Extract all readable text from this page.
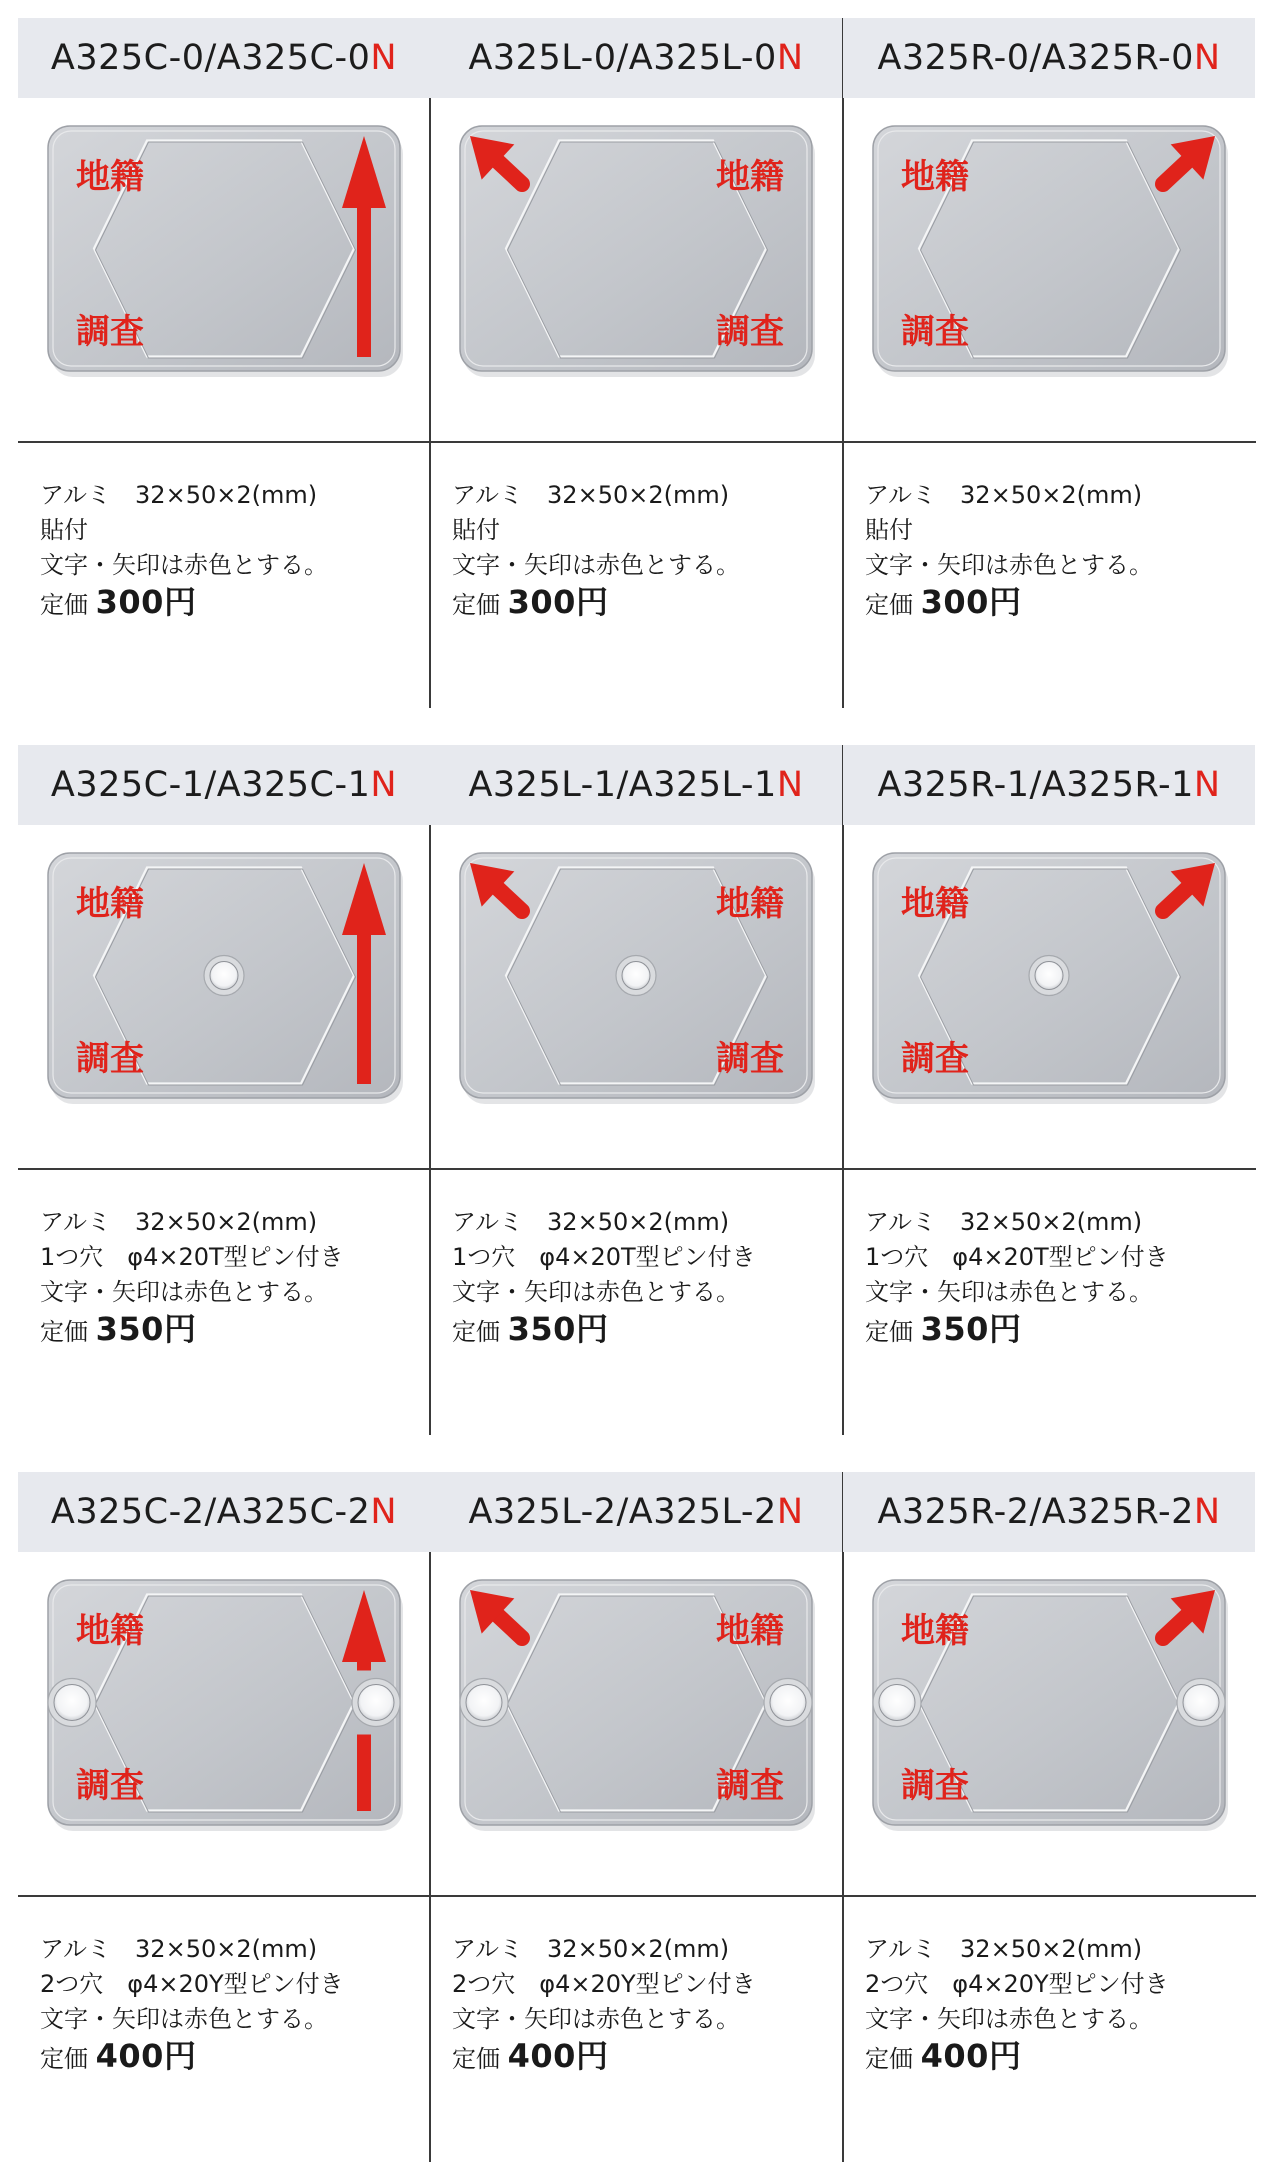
A325C-0/A325C-0N
地籍
調査
アルミ　32×50×2(mm)
貼付
文字・矢印は赤色とする。
定価 300円
A325L-0/A325L-0N
地籍
調査
アルミ　32×50×2(mm)
貼付
文字・矢印は赤色とする。
定価 300円
A325R-0/A325R-0N
地籍
調査
アルミ　32×50×2(mm)
貼付
文字・矢印は赤色とする。
定価 300円
A325C-1/A325C-1N
地籍
調査
アルミ　32×50×2(mm)
1つ穴　φ4×20T型ピン付き
文字・矢印は赤色とする。
定価 350円
A325L-1/A325L-1N
地籍
調査
アルミ　32×50×2(mm)
1つ穴　φ4×20T型ピン付き
文字・矢印は赤色とする。
定価 350円
A325R-1/A325R-1N
地籍
調査
アルミ　32×50×2(mm)
1つ穴　φ4×20T型ピン付き
文字・矢印は赤色とする。
定価 350円
A325C-2/A325C-2N
地籍
調査
アルミ　32×50×2(mm)
2つ穴　φ4×20Y型ピン付き
文字・矢印は赤色とする。
定価 400円
A325L-2/A325L-2N
地籍
調査
アルミ　32×50×2(mm)
2つ穴　φ4×20Y型ピン付き
文字・矢印は赤色とする。
定価 400円
A325R-2/A325R-2N
地籍
調査
アルミ　32×50×2(mm)
2つ穴　φ4×20Y型ピン付き
文字・矢印は赤色とする。
定価 400円
